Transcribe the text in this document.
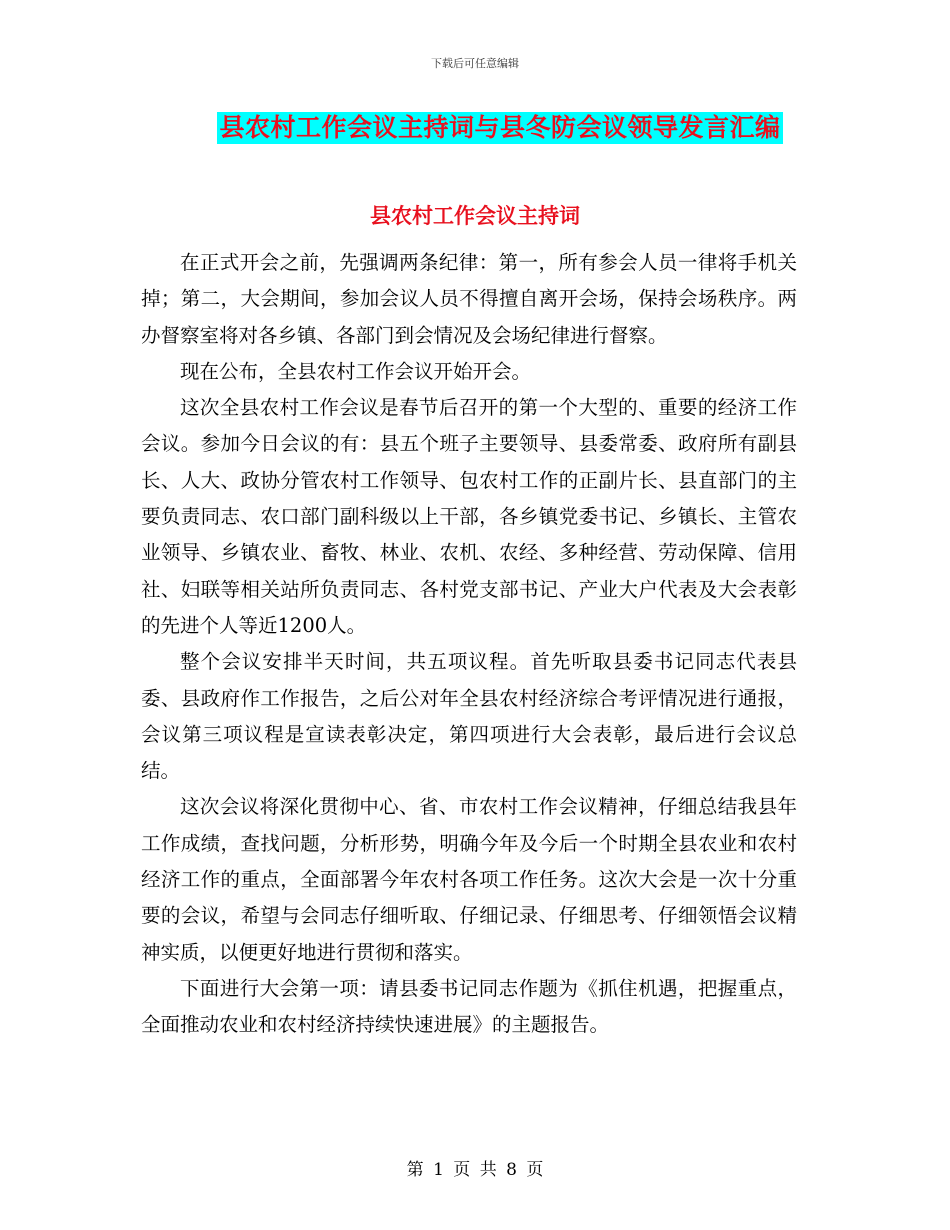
下载后可任意编辑
县农村工作会议主持词与县冬防会议领导发言汇编
县农村工作会议主持词

在正式开会之前，先强调两条纪律：第一，所有参会人员一律将手机关掉；第二，大会期间，参加会议人员不得擅自离开会场，保持会场秩序。两办督察室将对各乡镇、各部门到会情况及会场纪律进行督察。

现在公布，全县农村工作会议开始开会。

这次全县农村工作会议是春节后召开的第一个大型的、重要的经济工作会议。参加今日会议的有：县五个班子主要领导、县委常委、政府所有副县长、人大、政协分管农村工作领导、包农村工作的正副片长、县直部门的主要负责同志、农口部门副科级以上干部，各乡镇党委书记、乡镇长、主管农业领导、乡镇农业、畜牧、林业、农机、农经、多种经营、劳动保障、信用社、妇联等相关站所负责同志、各村党支部书记、产业大户代表及大会表彰的先进个人等近1200人。

整个会议安排半天时间，共五项议程。首先听取县委书记同志代表县委、县政府作工作报告，之后公对年全县农村经济综合考评情况进行通报，会议第三项议程是宣读表彰决定，第四项进行大会表彰，最后进行会议总结。

这次会议将深化贯彻中心、省、市农村工作会议精神，仔细总结我县年工作成绩，查找问题，分析形势，明确今年及今后一个时期全县农业和农村经济工作的重点，全面部署今年农村各项工作任务。这次大会是一次十分重要的会议，希望与会同志仔细听取、仔细记录、仔细思考、仔细领悟会议精神实质，以便更好地进行贯彻和落实。

下面进行大会第一项：请县委书记同志作题为《抓住机遇，把握重点，全面推动农业和农村经济持续快速进展》的主题报告。

第 1 页 共 8 页
